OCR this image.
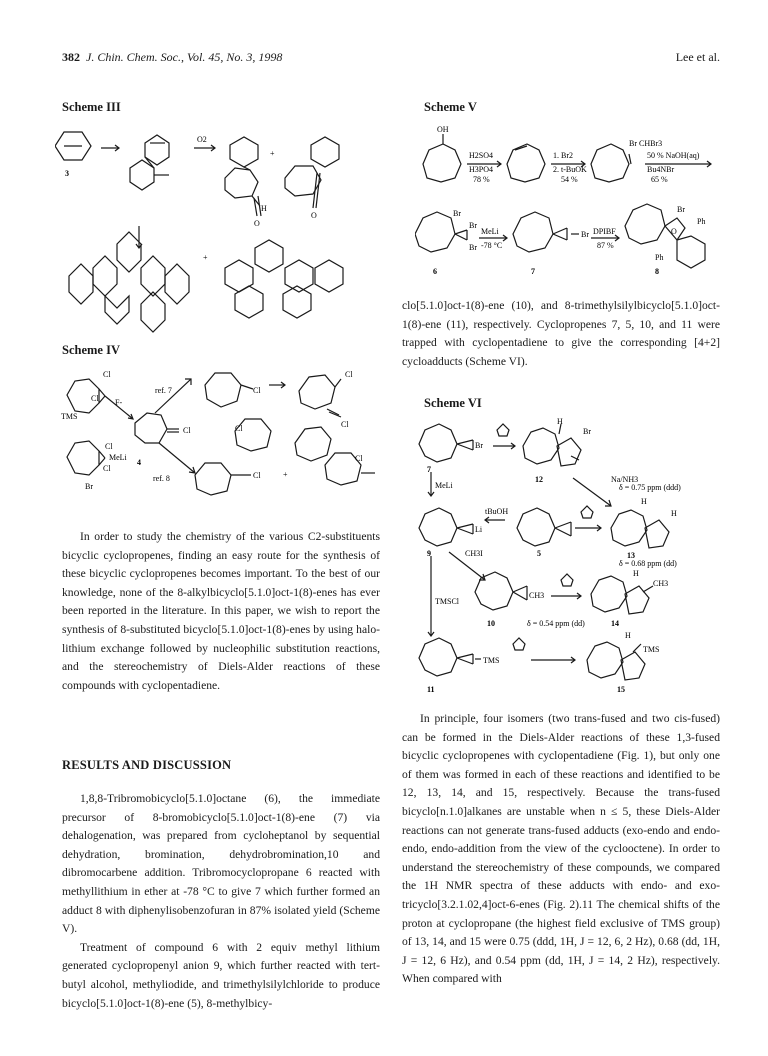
382 J. Chin. Chem. Soc., Vol. 45, No. 3, 1998	Lee et al.
Scheme III
Scheme IV
Scheme V
Scheme VI
3
O2
H
O
O
+
+
Cl
Cl
TMS
F-
ref. 7
Cl
Cl
Cl
Cl
Cl
MeLi
4
Cl
Br
ref. 8
Cl
Cl
Cl
+
OH
H2SO4
H3PO4
78 %
1. Br2
2. t-BuOK
54 %
Br CHBr3
50 % NaOH(aq)
Bu4NBr
65 %
Br
Br
Br
MeLi
-78 °C
Br DPIBF
87 %
Br
Ph
O
Ph
6	7	8

clo[5.1.0]oct-1(8)-ene (10), and 8-trimethylsilylbicyclo[5.1.0]oct-1(8)-ene (11), respectively. Cyclopropenes 7, 5, 10, and 11 were trapped with cyclopentadiene to give the corresponding [4+2] cycloadducts (Scheme VI).

Br
H
Br
7
12	Na/NH3
MeLi	δ = 0.75 ppm (ddd)
H
H
tBuOH
Li
9	5	13
CH3I
δ = 0.68 ppm (dd)
H
CH3
TMSCl
CH3
10	δ = 0.54 ppm (dd)	14
H
TMS
TMS
11	15

In order to study the chemistry of the various C2-substituents bicyclic cyclopropenes, finding an easy route for the synthesis of these bicyclic cyclopropenes becomes important. To the best of our knowledge, none of the 8-alkylbicyclo[5.1.0]oct-1(8)-enes has ever been reported in the literature. In this paper, we wish to report the synthesis of 8-substituted bicyclo[5.1.0]oct-1(8)-enes by using halo-lithium exchange followed by nucleophilic substitution reactions, and the stereochemistry of Diels-Alder reactions of these compounds with cyclopentadiene.

RESULTS AND DISCUSSION

1,8,8-Tribromobicyclo[5.1.0]octane (6), the immediate precursor of 8-bromobicyclo[5.1.0]oct-1(8)-ene (7) via dehalogenation, was prepared from cycloheptanol by sequential dehydration, bromination, dehydrobromination,10 and dibromocarbene addition. Tribromocyclopropane 6 reacted with methyllithium in ether at -78 °C to give 7 which further formed an adduct 8 with diphenylisobenzofuran in 87% isolated yield (Scheme V).

Treatment of compound 6 with 2 equiv methyl lithium generated cyclopropenyl anion 9, which further reacted with tert-butyl alcohol, methyliodide, and trimethylsilylchloride to produce bicyclo[5.1.0]oct-1(8)-ene (5), 8-methylbicy-

In principle, four isomers (two trans-fused and two cis-fused) can be formed in the Diels-Alder reactions of these 1,3-fused bicyclic cyclopropenes with cyclopentadiene (Fig. 1), but only one of them was formed in each of these reactions and identified to be 12, 13, 14, and 15, respectively. Because the trans-fused bicyclo[n.1.0]alkanes are unstable when n ≤ 5, these Diels-Alder reactions can not generate trans-fused adducts (exo-endo and endo-endo, endo-addition from the view of the cyclooctene). In order to understand the stereochemistry of these compounds, we compared the 1H NMR spectra of these adducts with endo- and exo-tricyclo[3.2.1.02,4]oct-6-enes (Fig. 2).11 The chemical shifts of the proton at cyclopropane (the highest field exclusive of TMS group) of 13, 14, and 15 were 0.75 (ddd, 1H, J = 12, 6, 2 Hz), 0.68 (dd, 1H, J = 12, 6 Hz), and 0.54 ppm (dd, 1H, J = 14, 2 Hz), respectively. When compared with
